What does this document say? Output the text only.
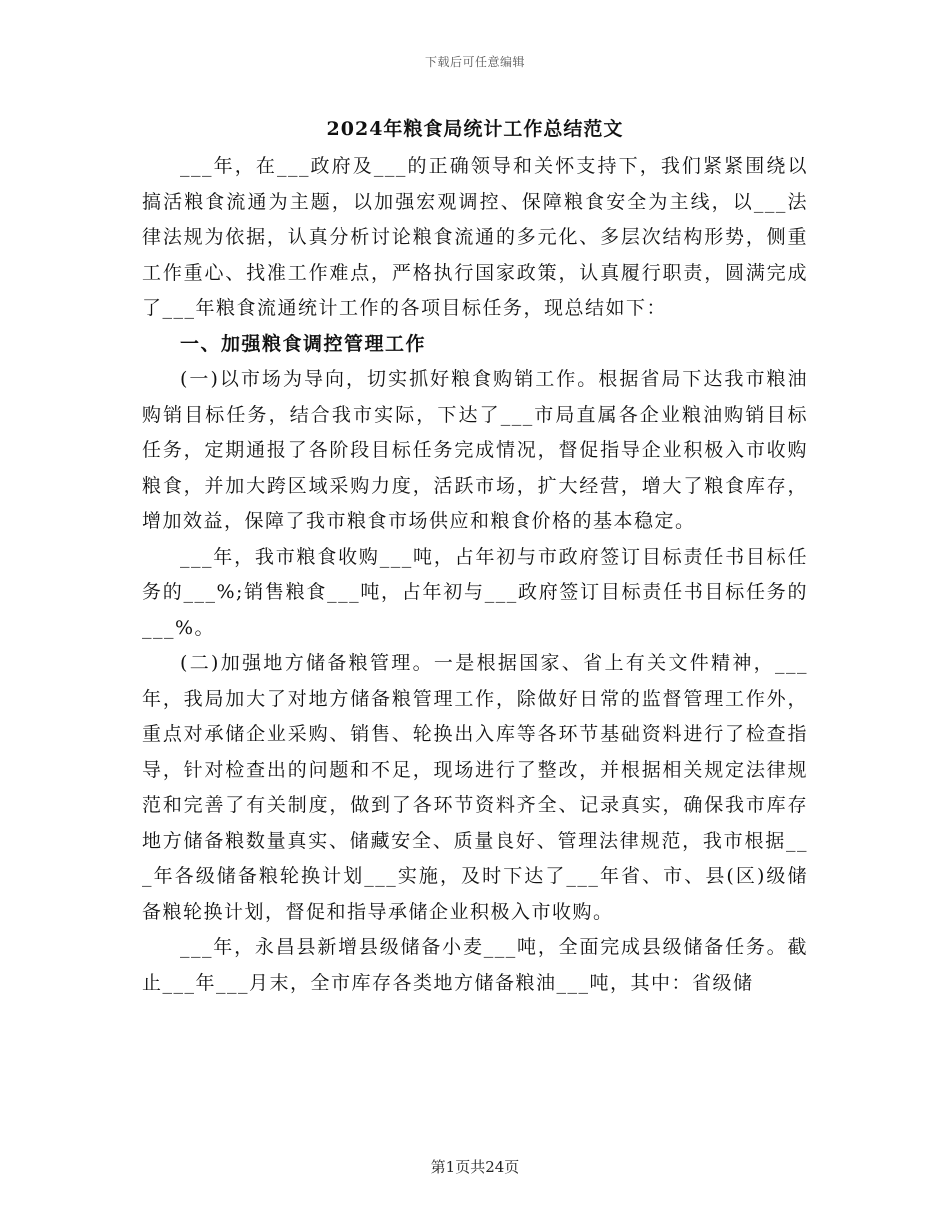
下载后可任意编辑
2024年粮食局统计工作总结范文

___年，在___政府及___的正确领导和关怀支持下，我们紧紧围绕以搞活粮食流通为主题，以加强宏观调控、保障粮食安全为主线，以___法律法规为依据，认真分析讨论粮食流通的多元化、多层次结构形势，侧重工作重心、找准工作难点，严格执行国家政策，认真履行职责，圆满完成了___年粮食流通统计工作的各项目标任务，现总结如下：

一、加强粮食调控管理工作

(一)以市场为导向，切实抓好粮食购销工作。根据省局下达我市粮油购销目标任务，结合我市实际，下达了___市局直属各企业粮油购销目标任务，定期通报了各阶段目标任务完成情况，督促指导企业积极入市收购粮食，并加大跨区域采购力度，活跃市场，扩大经营，增大了粮食库存，增加效益，保障了我市粮食市场供应和粮食价格的基本稳定。

___年，我市粮食收购___吨，占年初与市政府签订目标责任书目标任务的___%;销售粮食___吨，占年初与___政府签订目标责任书目标任务的___%。

(二)加强地方储备粮管理。一是根据国家、省上有关文件精神，___年，我局加大了对地方储备粮管理工作，除做好日常的监督管理工作外，重点对承储企业采购、销售、轮换出入库等各环节基础资料进行了检查指导，针对检查出的问题和不足，现场进行了整改，并根据相关规定法律规范和完善了有关制度，做到了各环节资料齐全、记录真实，确保我市库存地方储备粮数量真实、储藏安全、质量良好、管理法律规范，我市根据___年各级储备粮轮换计划___实施，及时下达了___年省、市、县(区)级储备粮轮换计划，督促和指导承储企业积极入市收购。

___年，永昌县新增县级储备小麦___吨，全面完成县级储备任务。截止___年___月末，全市库存各类地方储备粮油___吨，其中：省级储

第1页共24页
